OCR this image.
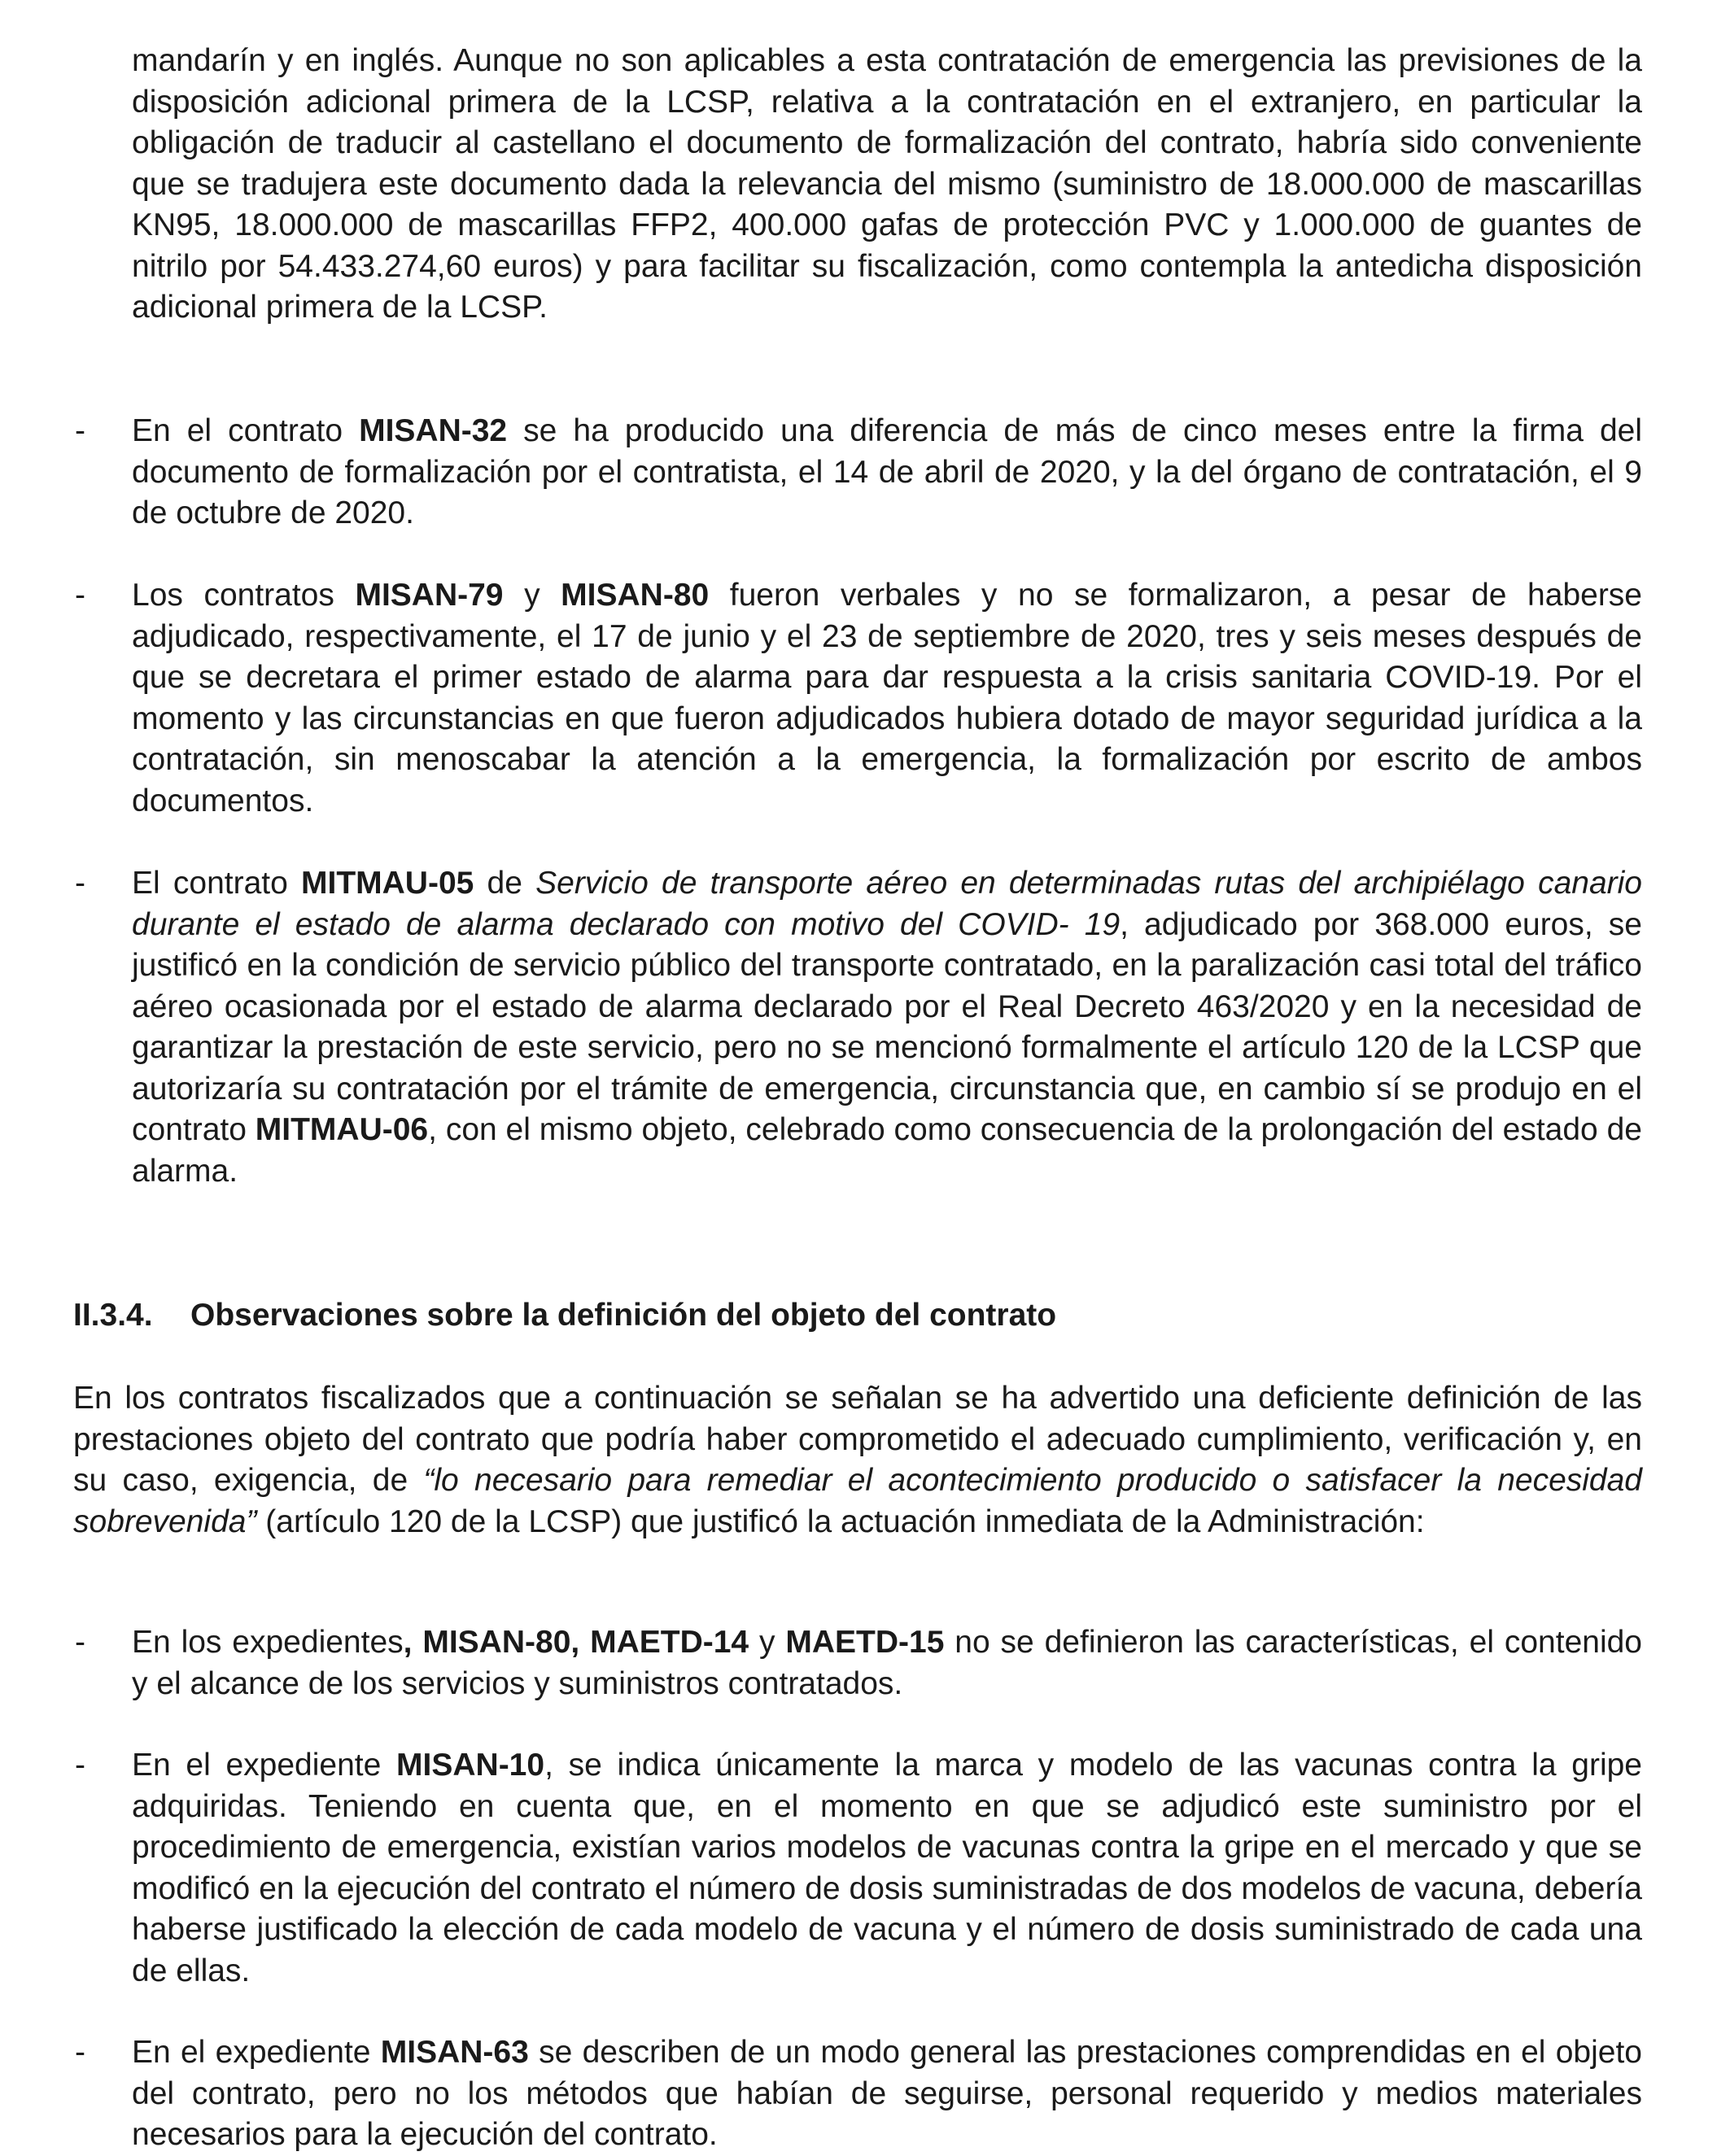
mandarín y en inglés. Aunque no son aplicables a esta contratación de emergencia las previsiones de la disposición adicional primera de la LCSP, relativa a la contratación en el extranjero, en particular la obligación de traducir al castellano el documento de formalización del contrato, habría sido conveniente que se tradujera este documento dada la relevancia del mismo (suministro de 18.000.000 de mascarillas KN95, 18.000.000 de mascarillas FFP2, 400.000 gafas de protección PVC y 1.000.000 de guantes de nitrilo por 54.433.274,60 euros) y para facilitar su fiscalización, como contempla la antedicha disposición adicional primera de la LCSP.
- En el contrato MISAN-32 se ha producido una diferencia de más de cinco meses entre la firma del documento de formalización por el contratista, el 14 de abril de 2020, y la del órgano de contratación, el 9 de octubre de 2020.
- Los contratos MISAN-79 y MISAN-80 fueron verbales y no se formalizaron, a pesar de haberse adjudicado, respectivamente, el 17 de junio y el 23 de septiembre de 2020, tres y seis meses después de que se decretara el primer estado de alarma para dar respuesta a la crisis sanitaria COVID-19. Por el momento y las circunstancias en que fueron adjudicados hubiera dotado de mayor seguridad jurídica a la contratación, sin menoscabar la atención a la emergencia, la formalización por escrito de ambos documentos.
- El contrato MITMAU-05 de Servicio de transporte aéreo en determinadas rutas del archipiélago canario durante el estado de alarma declarado con motivo del COVID- 19, adjudicado por 368.000 euros, se justificó en la condición de servicio público del transporte contratado, en la paralización casi total del tráfico aéreo ocasionada por el estado de alarma declarado por el Real Decreto 463/2020 y en la necesidad de garantizar la prestación de este servicio, pero no se mencionó formalmente el artículo 120 de la LCSP que autorizaría su contratación por el trámite de emergencia, circunstancia que, en cambio sí se produjo en el contrato MITMAU-06, con el mismo objeto, celebrado como consecuencia de la prolongación del estado de alarma.
II.3.4. Observaciones sobre la definición del objeto del contrato
En los contratos fiscalizados que a continuación se señalan se ha advertido una deficiente definición de las prestaciones objeto del contrato que podría haber comprometido el adecuado cumplimiento, verificación y, en su caso, exigencia, de “lo necesario para remediar el acontecimiento producido o satisfacer la necesidad sobrevenida” (artículo 120 de la LCSP) que justificó la actuación inmediata de la Administración:
- En los expedientes, MISAN-80, MAETD-14 y MAETD-15 no se definieron las características, el contenido y el alcance de los servicios y suministros contratados.
- En el expediente MISAN-10, se indica únicamente la marca y modelo de las vacunas contra la gripe adquiridas. Teniendo en cuenta que, en el momento en que se adjudicó este suministro por el procedimiento de emergencia, existían varios modelos de vacunas contra la gripe en el mercado y que se modificó en la ejecución del contrato el número de dosis suministradas de dos modelos de vacuna, debería haberse justificado la elección de cada modelo de vacuna y el número de dosis suministrado de cada una de ellas.
- En el expediente MISAN-63 se describen de un modo general las prestaciones comprendidas en el objeto del contrato, pero no los métodos que habían de seguirse, personal requerido y medios materiales necesarios para la ejecución del contrato.
